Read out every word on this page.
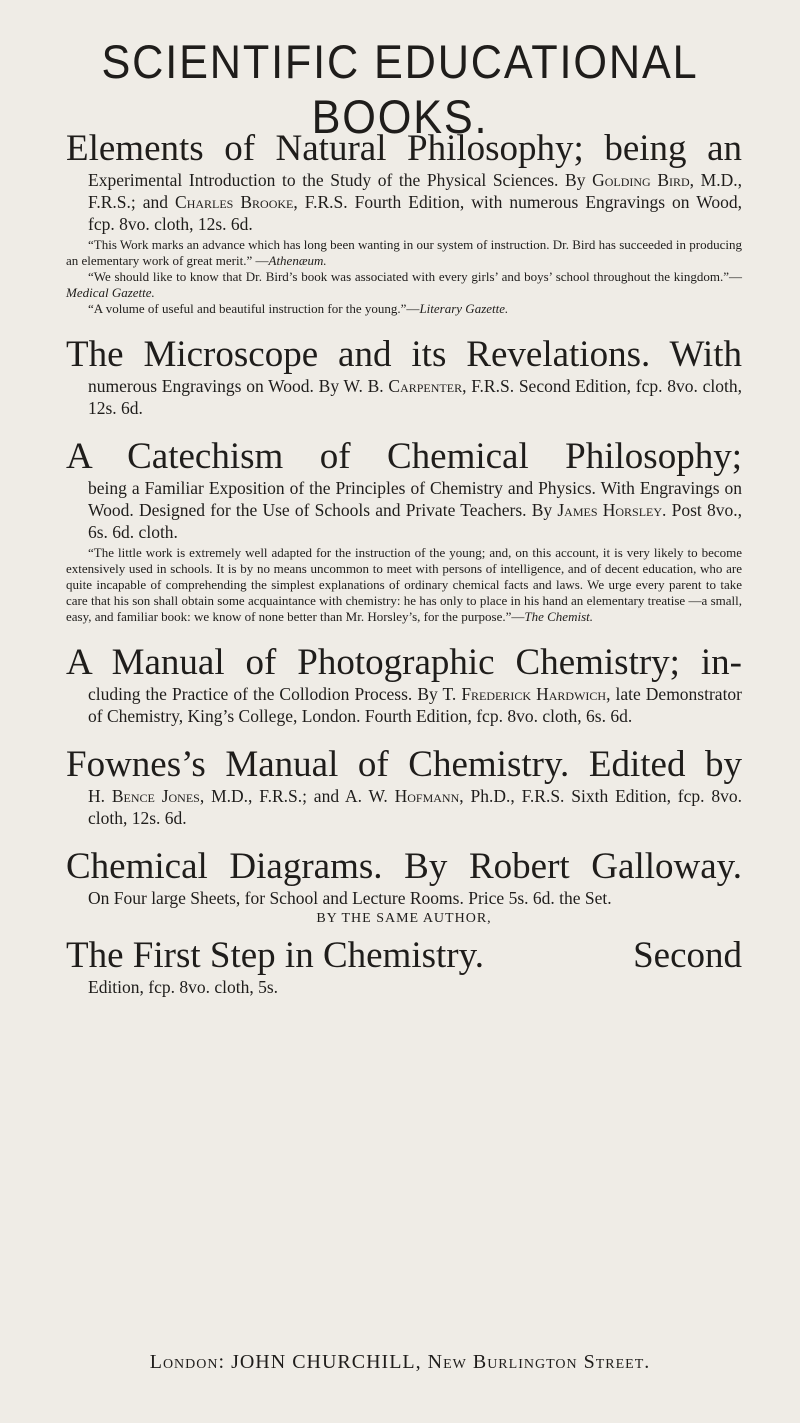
SCIENTIFIC EDUCATIONAL BOOKS.

Elements of Natural Philosophy; being an

Experimental Introduction to the Study of the Physical Sciences. By Golding Bird, M.D., F.R.S.; and Charles Brooke, F.R.S. Fourth Edition, with numerous Engravings on Wood, fcp. 8vo. cloth, 12s. 6d.

“This Work marks an advance which has long been wanting in our system of instruction. Dr. Bird has succeeded in producing an elementary work of great merit.” —Athenæum.

“We should like to know that Dr. Bird’s book was associated with every girls’ and boys’ school throughout the kingdom.”—Medical Gazette.

“A volume of useful and beautiful instruction for the young.”—Literary Gazette.

The Microscope and its Revelations. With

numerous Engravings on Wood. By W. B. Carpenter, F.R.S. Second Edition, fcp. 8vo. cloth, 12s. 6d.

A Catechism of Chemical Philosophy;

being a Familiar Exposition of the Principles of Chemistry and Physics. With Engravings on Wood. Designed for the Use of Schools and Private Teachers. By James Horsley. Post 8vo., 6s. 6d. cloth.

“The little work is extremely well adapted for the instruction of the young; and, on this account, it is very likely to become extensively used in schools. It is by no means uncommon to meet with persons of intelligence, and of decent education, who are quite incapable of comprehending the simplest explanations of ordinary chemical facts and laws. We urge every parent to take care that his son shall obtain some acquaintance with chemistry: he has only to place in his hand an elementary treatise —a small, easy, and familiar book: we know of none better than Mr. Horsley’s, for the purpose.”—The Chemist.

A Manual of Photographic Chemistry; in-

cluding the Practice of the Collodion Process. By T. Frederick Hardwich, late Demonstrator of Chemistry, King’s College, London. Fourth Edition, fcp. 8vo. cloth, 6s. 6d.

Fownes’s Manual of Chemistry. Edited by

H. Bence Jones, M.D., F.R.S.; and A. W. Hofmann, Ph.D., F.R.S. Sixth Edition, fcp. 8vo. cloth, 12s. 6d.

Chemical Diagrams. By Robert Galloway.

On Four large Sheets, for School and Lecture Rooms. Price 5s. 6d. the Set.

BY THE SAME AUTHOR,

The First Step in Chemistry.	Second

Edition, fcp. 8vo. cloth, 5s.

London: JOHN CHURCHILL, New Burlington Street.
